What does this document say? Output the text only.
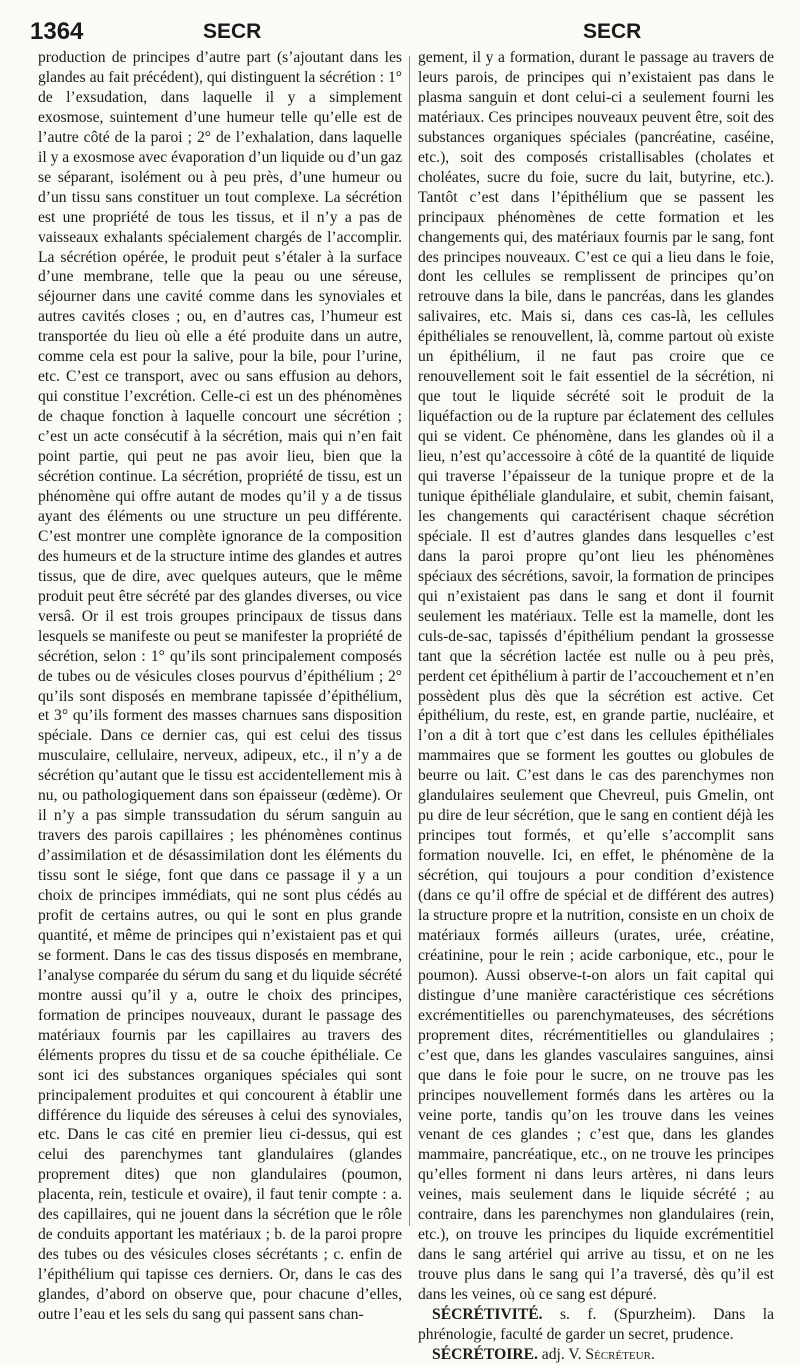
1364	SECR	SECR

production de principes d’autre part (s’ajoutant dans les glandes au fait précédent), qui distinguent la sécrétion : 1° de l’exsudation, dans laquelle il y a simplement exosmose, suintement d’une humeur telle qu’elle est de l’autre côté de la paroi ; 2° de l’exhalation, dans laquelle il y a exosmose avec évaporation d’un liquide ou d’un gaz se séparant, isolément ou à peu près, d’une humeur ou d’un tissu sans constituer un tout complexe. La sécrétion est une propriété de tous les tissus, et il n’y a pas de vaisseaux exhalants spécialement chargés de l’accomplir. La sécrétion opérée, le produit peut s’étaler à la surface d’une membrane, telle que la peau ou une séreuse, séjourner dans une cavité comme dans les synoviales et autres cavités closes ; ou, en d’autres cas, l’humeur est transportée du lieu où elle a été produite dans un autre, comme cela est pour la salive, pour la bile, pour l’urine, etc. C’est ce transport, avec ou sans effusion au dehors, qui constitue l’excrétion. Celle-ci est un des phénomènes de chaque fonction à laquelle concourt une sécrétion ; c’est un acte consécutif à la sécrétion, mais qui n’en fait point partie, qui peut ne pas avoir lieu, bien que la sécrétion continue. La sécrétion, propriété de tissu, est un phénomène qui offre autant de modes qu’il y a de tissus ayant des éléments ou une structure un peu différente. C’est montrer une complète ignorance de la composition des humeurs et de la structure intime des glandes et autres tissus, que de dire, avec quelques auteurs, que le même produit peut être sécrété par des glandes diverses, ou vice versâ. Or il est trois groupes principaux de tissus dans lesquels se manifeste ou peut se manifester la propriété de sécrétion, selon : 1° qu’ils sont principalement composés de tubes ou de vésicules closes pourvus d’épithélium ; 2° qu’ils sont disposés en membrane tapissée d’épithélium, et 3° qu’ils forment des masses charnues sans disposition spéciale. Dans ce dernier cas, qui est celui des tissus musculaire, cellulaire, nerveux, adipeux, etc., il n’y a de sécrétion qu’autant que le tissu est accidentellement mis à nu, ou pathologiquement dans son épaisseur (œdème). Or il n’y a pas simple transsudation du sérum sanguin au travers des parois capillaires ; les phénomènes continus d’assimilation et de désassimilation dont les éléments du tissu sont le siége, font que dans ce passage il y a un choix de principes immédiats, qui ne sont plus cédés au profit de certains autres, ou qui le sont en plus grande quantité, et même de principes qui n’existaient pas et qui se forment. Dans le cas des tissus disposés en membrane, l’analyse comparée du sérum du sang et du liquide sécrété montre aussi qu’il y a, outre le choix des principes, formation de principes nouveaux, durant le passage des matériaux fournis par les capillaires au travers des éléments propres du tissu et de sa couche épithéliale. Ce sont ici des substances organiques spéciales qui sont principalement produites et qui concourent à établir une différence du liquide des séreuses à celui des synoviales, etc. Dans le cas cité en premier lieu ci-dessus, qui est celui des parenchymes tant glandulaires (glandes proprement dites) que non glandulaires (poumon, placenta, rein, testicule et ovaire), il faut tenir compte : a. des capillaires, qui ne jouent dans la sécrétion que le rôle de conduits apportant les matériaux ; b. de la paroi propre des tubes ou des vésicules closes sécrétants ; c. enfin de l’épithélium qui tapisse ces derniers. Or, dans le cas des glandes, d’abord on observe que, pour chacune d’elles, outre l’eau et les sels du sang qui passent sans chan-

gement, il y a formation, durant le passage au travers de leurs parois, de principes qui n’existaient pas dans le plasma sanguin et dont celui-ci a seulement fourni les matériaux. Ces principes nouveaux peuvent être, soit des substances organiques spéciales (pancréatine, caséine, etc.), soit des composés cristallisables (cholates et choléates, sucre du foie, sucre du lait, butyrine, etc.). Tantôt c’est dans l’épithélium que se passent les principaux phénomènes de cette formation et les changements qui, des matériaux fournis par le sang, font des principes nouveaux. C’est ce qui a lieu dans le foie, dont les cellules se remplissent de principes qu’on retrouve dans la bile, dans le pancréas, dans les glandes salivaires, etc. Mais si, dans ces cas-là, les cellules épithéliales se renouvellent, là, comme partout où existe un épithélium, il ne faut pas croire que ce renouvellement soit le fait essentiel de la sécrétion, ni que tout le liquide sécrété soit le produit de la liquéfaction ou de la rupture par éclatement des cellules qui se vident. Ce phénomène, dans les glandes où il a lieu, n’est qu’accessoire à côté de la quantité de liquide qui traverse l’épaisseur de la tunique propre et de la tunique épithéliale glandulaire, et subit, chemin faisant, les changements qui caractérisent chaque sécrétion spéciale. Il est d’autres glandes dans lesquelles c’est dans la paroi propre qu’ont lieu les phénomènes spéciaux des sécrétions, savoir, la formation de principes qui n’existaient pas dans le sang et dont il fournit seulement les matériaux. Telle est la mamelle, dont les culs-de-sac, tapissés d’épithélium pendant la grossesse tant que la sécrétion lactée est nulle ou à peu près, perdent cet épithélium à partir de l’accouchement et n’en possèdent plus dès que la sécrétion est active. Cet épithélium, du reste, est, en grande partie, nucléaire, et l’on a dit à tort que c’est dans les cellules épithéliales mammaires que se forment les gouttes ou globules de beurre ou lait. C’est dans le cas des parenchymes non glandulaires seulement que Chevreul, puis Gmelin, ont pu dire de leur sécrétion, que le sang en contient déjà les principes tout formés, et qu’elle s’accomplit sans formation nouvelle. Ici, en effet, le phénomène de la sécrétion, qui toujours a pour condition d’existence (dans ce qu’il offre de spécial et de différent des autres) la structure propre et la nutrition, consiste en un choix de matériaux formés ailleurs (urates, urée, créatine, créatinine, pour le rein ; acide carbonique, etc., pour le poumon). Aussi observe-t-on alors un fait capital qui distingue d’une manière caractéristique ces sécrétions excrémentitielles ou parenchymateuses, des sécrétions proprement dites, récrémentitielles ou glandulaires ; c’est que, dans les glandes vasculaires sanguines, ainsi que dans le foie pour le sucre, on ne trouve pas les principes nouvellement formés dans les artères ou la veine porte, tandis qu’on les trouve dans les veines venant de ces glandes ; c’est que, dans les glandes mammaire, pancréatique, etc., on ne trouve les principes qu’elles forment ni dans leurs artères, ni dans leurs veines, mais seulement dans le liquide sécrété ; au contraire, dans les parenchymes non glandulaires (rein, etc.), on trouve les principes du liquide excrémentitiel dans le sang artériel qui arrive au tissu, et on ne les trouve plus dans le sang qui l’a traversé, dès qu’il est dans les veines, où ce sang est dépuré.

SÉCRÉTIVITÉ. s. f. (Spurzheim). Dans la phrénologie, faculté de garder un secret, prudence.

SÉCRÉTOIRE. adj. V. Sécréteur.
